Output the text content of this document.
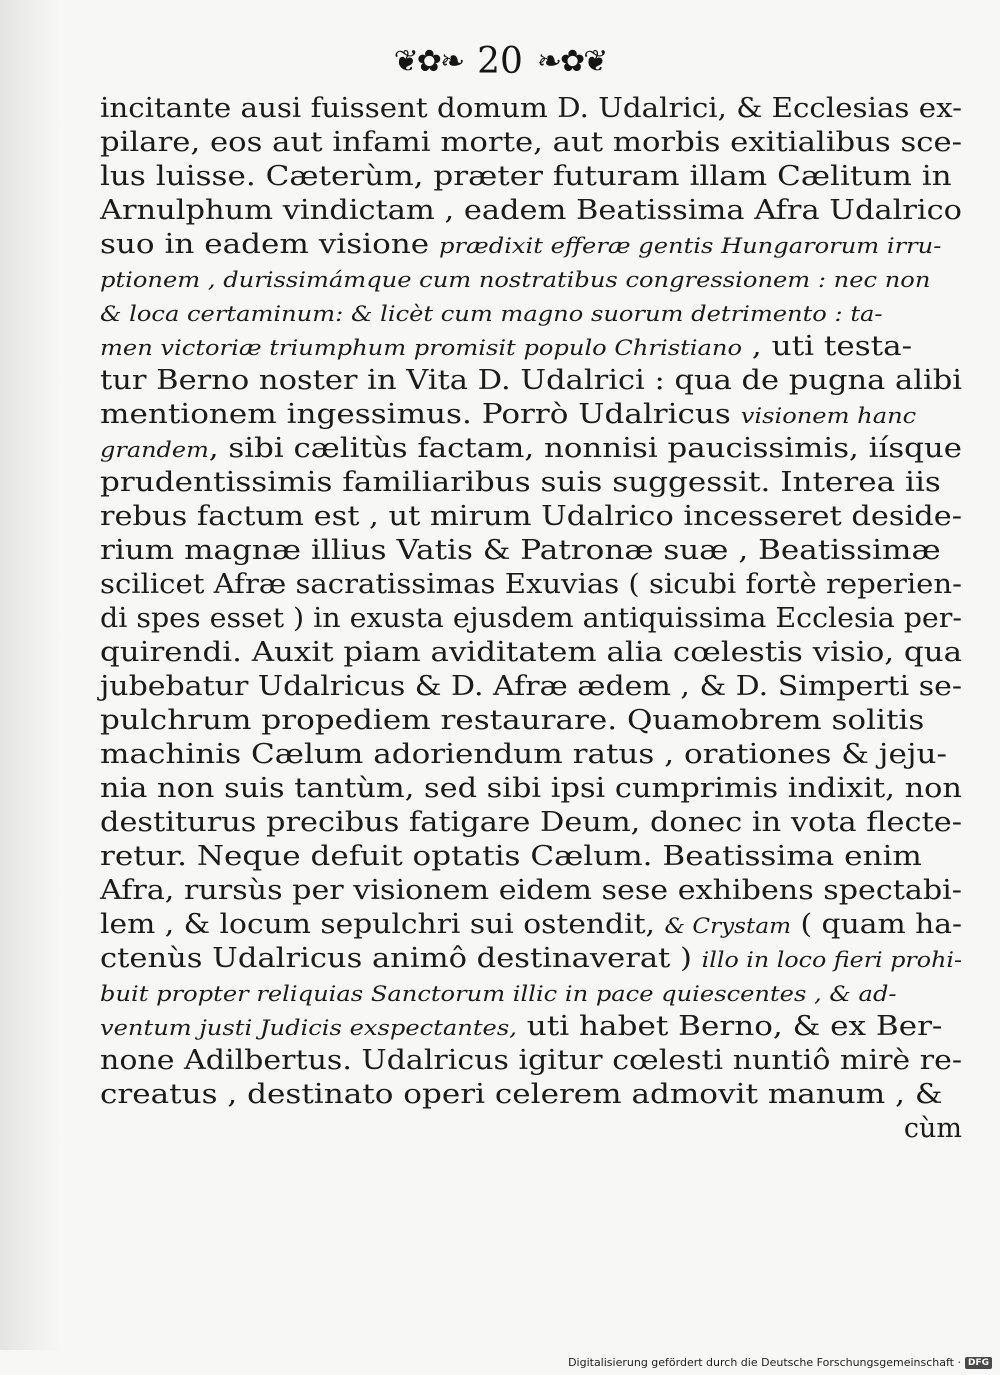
❦✿❧ 20 ❧✿❦
incitante ausi fuissent domum D. Udalrici, & Ecclesias ex-
pilare, eos aut infami morte, aut morbis exitialibus sce-
lus luisse. Cæterùm, præter futuram illam Cælitum in
Arnulphum vindictam , eadem Beatissima Afra Udalrico
suo in eadem visione prædixit efferæ gentis Hungarorum irru-
ptionem , durissimámque cum nostratibus congressionem : nec non
& loca certaminum: & licèt cum magno suorum detrimento : ta-
men victoriæ triumphum promisit populo Christiano , uti testa-
tur Berno noster in Vita D. Udalrici : qua de pugna alibi
mentionem ingessimus. Porrò Udalricus visionem hanc
grandem, sibi cælitùs factam, nonnisi paucissimis, iísque
prudentissimis familiaribus suis suggessit. Interea iis
rebus factum est , ut mirum Udalrico incesseret deside-
rium magnæ illius Vatis & Patronæ suæ , Beatissimæ
scilicet Afræ sacratissimas Exuvias ( sicubi fortè reperien-
di spes esset ) in exusta ejusdem antiquissima Ecclesia per-
quirendi. Auxit piam aviditatem alia cœlestis visio, qua
jubebatur Udalricus & D. Afræ ædem , & D. Simperti se-
pulchrum propediem restaurare. Quamobrem solitis
machinis Cælum adoriendum ratus , orationes & jeju-
nia non suis tantùm, sed sibi ipsi cumprimis indixit, non
destiturus precibus fatigare Deum, donec in vota flecte-
retur. Neque defuit optatis Cælum. Beatissima enim
Afra, rursùs per visionem eidem sese exhibens spectabi-
lem , & locum sepulchri sui ostendit, & Crystam ( quam ha-
ctenùs Udalricus animô destinaverat ) illo in loco fieri prohi-
buit propter reliquias Sanctorum illic in pace quiescentes , & ad-
ventum justi Judicis exspectantes, uti habet Berno, & ex Ber-
none Adilbertus. Udalricus igitur cœlesti nuntiô mirè re-
creatus , destinato operi celerem admovit manum , &
cùm
Digitalisierung gefördert durch die Deutsche Forschungsgemeinschaft · DFG
